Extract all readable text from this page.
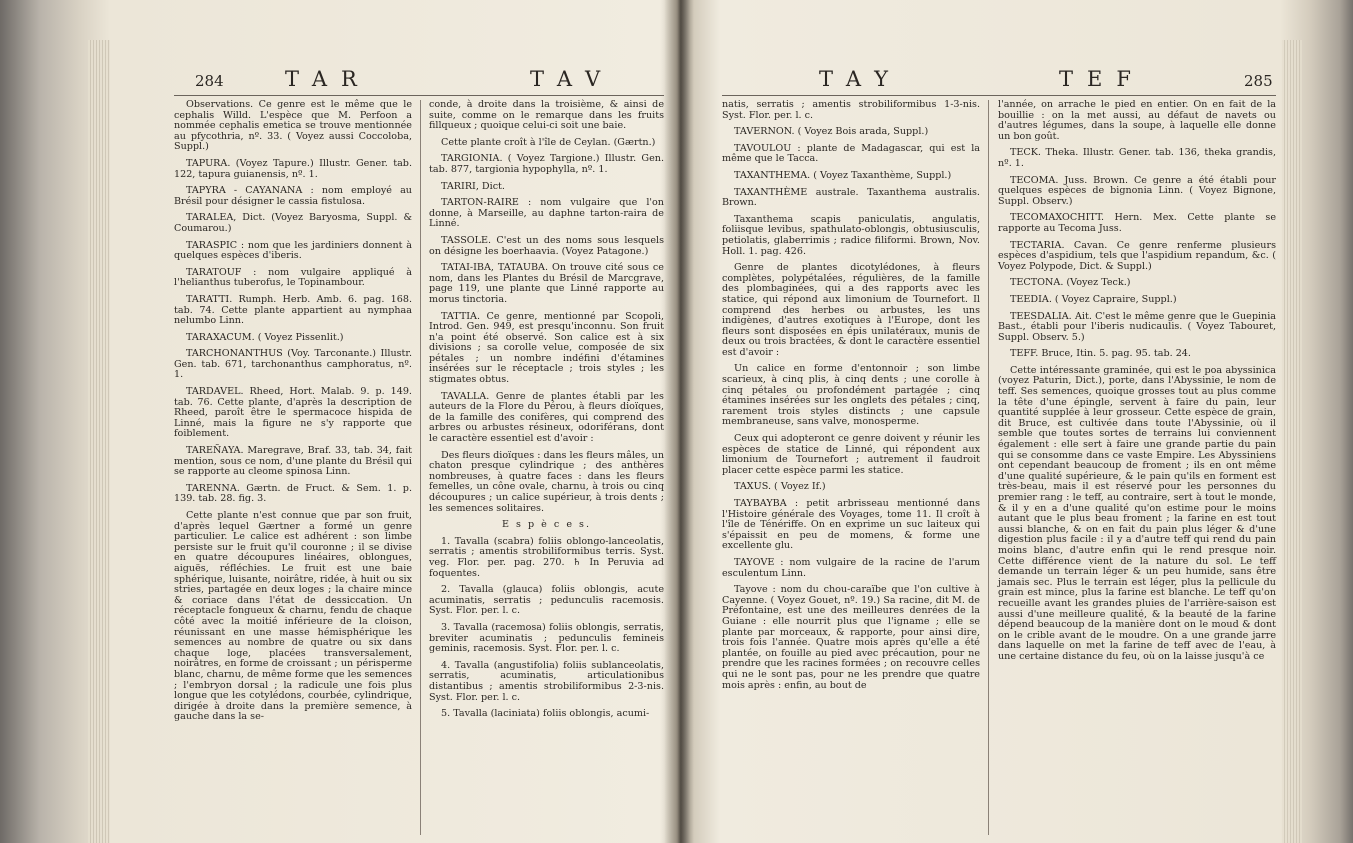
284	TAR	TAV

Observations. Ce genre est le même que le cephalis Willd. L'espèce que M. Perfoon a nommée cephalis emetica se trouve mentionnée au pfycothria, nº. 33. ( Voyez aussi Coccoloba, Suppl.)

TAPURA. (Voyez Tapure.) Illustr. Gener. tab. 122, tapura guianensis, nº. 1.

TAPYRA - CAYANANA : nom employé au Brésil pour désigner le cassia fistulosa.

TARALEA, Dict. (Voyez Baryosma, Suppl. & Coumarou.)

TARASPIC : nom que les jardiniers donnent à quelques espèces d'iberis.

TARATOUF : nom vulgaire appliqué à l'helianthus tuberofus, le Topinambour.

TARATTI. Rumph. Herb. Amb. 6. pag. 168. tab. 74. Cette plante appartient au nymphaa nelumbo Linn.

TARAXACUM. ( Voyez Pissenlit.)

TARCHONANTHUS (Voy. Tarconante.) Illustr. Gen. tab. 671, tarchonanthus camphoratus, nº. 1.

TARDAVEL. Rheed, Hort. Malab. 9. p. 149. tab. 76. Cette plante, d'après la description de Rheed, paroît être le spermacoce hispida de Linné, mais la figure ne s'y rapporte que foiblement.

TAREÑAYA. Maregrave, Braf. 33, tab. 34, fait mention, sous ce nom, d'une plante du Brésil qui se rapporte au cleome spinosa Linn.

TARENNA. Gærtn. de Fruct. & Sem. 1. p. 139. tab. 28. fig. 3.

Cette plante n'est connue que par son fruit, d'après lequel Gærtner a formé un genre particulier. Le calice est adhérent : son limbe persiste sur le fruit qu'il couronne ; il se divise en quatre découpures linéaires, oblongues, aiguës, réfléchies. Le fruit est une baie sphérique, luisante, noirâtre, ridée, à huit ou six stries, partagée en deux loges ; la chaire mince & coriace dans l'état de dessiccation. Un réceptacle fongueux & charnu, fendu de chaque côté avec la moitié inférieure de la cloison, réunissant en une masse hémisphérique les semences au nombre de quatre ou six dans chaque loge, placées transversalement, noirâtres, en forme de croissant ; un périsperme blanc, charnu, de même forme que les semences ; l'embryon dorsal ; la radicule une fois plus longue que les cotylédons, courbée, cylindrique, dirigée à droite dans la première semence, à gauche dans la se-

conde, à droite dans la troisième, & ainsi de suite, comme on le remarque dans les fruits fillqueux ; quoique celui-ci soit une baie.

Cette plante croît à l'île de Ceylan. (Gærtn.)

TARGIONIA. ( Voyez Targione.) Illustr. Gen. tab. 877, targionia hypophylla, nº. 1.

TARIRI, Dict.

TARTON-RAIRE : nom vulgaire que l'on donne, à Marseille, au daphne tarton-raira de Linné.

TASSOLE. C'est un des noms sous lesquels on désigne les boerhaavia. (Voyez Patagone.)

TATAI-IBA, TATAUBA. On trouve cité sous ce nom, dans les Plantes du Brésil de Marcgrave, page 119, une plante que Linné rapporte au morus tinctoria.

TATTIA. Ce genre, mentionné par Scopoli, Introd. Gen. 949, est presqu'inconnu. Son fruit n'a point été observé. Son calice est à six divisions ; sa corolle velue, composée de six pétales ; un nombre indéfini d'étamines insérées sur le réceptacle ; trois styles ; les stigmates obtus.

TAVALLA. Genre de plantes établi par les auteurs de la Flore du Pérou, à fleurs dioïques, de la famille des conifères, qui comprend des arbres ou arbustes résineux, odoriférans, dont le caractère essentiel est d'avoir :

Des fleurs dioïques : dans les fleurs mâles, un chaton presque cylindrique ; des anthères nombreuses, à quatre faces : dans les fleurs femelles, un cône ovale, charnu, à trois ou cinq découpures ; un calice supérieur, à trois dents ; les semences solitaires.

E s p è c e s.

1. Tavalla (scabra) foliis oblongo-lanceolatis, serratis ; amentis strobiliformibus terris. Syst. veg. Flor. per. pag. 270. ♄ In Peruvia ad foquentes.

2. Tavalla (glauca) foliis oblongis, acute acuminatis, serratis ; pedunculis racemosis. Syst. Flor. per. l. c.

3. Tavalla (racemosa) foliis oblongis, serratis, breviter acuminatis ; pedunculis femineis geminis, racemosis. Syst. Flor. per. l. c.

4. Tavalla (angustifolia) foliis sublanceolatis, serratis, acuminatis, articulationibus distantibus ; amentis strobiliformibus 2-3-nis. Syst. Flor. per. l. c.

5. Tavalla (laciniata) foliis oblongis, acumi-

TAY	TEF	285

natis, serratis ; amentis strobiliformibus 1-3-nis. Syst. Flor. per. l. c.

TAVERNON. ( Voyez Bois arada, Suppl.)

TAVOULOU : plante de Madagascar, qui est la même que le Tacca.

TAXANTHEMA. ( Voyez Taxanthème, Suppl.)

TAXANTHÈME australe. Taxanthema australis. Brown.

Taxanthema scapis paniculatis, angulatis, foliisque levibus, spathulato-oblongis, obtusiusculis, petiolatis, glaberrimis ; radice filiformi. Brown, Nov. Holl. 1. pag. 426.

Genre de plantes dicotylédones, à fleurs complètes, polypétalées, régulières, de la famille des plombaginées, qui a des rapports avec les statice, qui répond aux limonium de Tournefort. Il comprend des herbes ou arbustes, les uns indigènes, d'autres exotiques à l'Europe, dont les fleurs sont disposées en épis unilatéraux, munis de deux ou trois bractées, & dont le caractère essentiel est d'avoir :

Un calice en forme d'entonnoir ; son limbe scarieux, à cinq plis, à cinq dents ; une corolle à cinq pétales ou profondément partagée ; cinq étamines insérées sur les onglets des pétales ; cinq, rarement trois styles distincts ; une capsule membraneuse, sans valve, monosperme.

Ceux qui adopteront ce genre doivent y réunir les espèces de statice de Linné, qui répondent aux limonium de Tournefort ; autrement il faudroit placer cette espèce parmi les statice.

TAXUS. ( Voyez If.)

TAYBAYBA : petit arbrisseau mentionné dans l'Histoire générale des Voyages, tome 11. Il croît à l'île de Ténériffe. On en exprime un suc laiteux qui s'épaissit en peu de momens, & forme une excellente glu.

TAYOVE : nom vulgaire de la racine de l'arum esculentum Linn.

Tayove : nom du chou-caraïbe que l'on cultive à Cayenne. ( Voyez Gouet, nº. 19.) Sa racine, dit M. de Préfontaine, est une des meilleures denrées de la Guiane : elle nourrit plus que l'igname ; elle se plante par morceaux, & rapporte, pour ainsi dire, trois fois l'année. Quatre mois après qu'elle a été plantée, on fouille au pied avec précaution, pour ne prendre que les racines formées ; on recouvre celles qui ne le sont pas, pour ne les prendre que quatre mois après : enfin, au bout de

l'année, on arrache le pied en entier. On en fait de la bouillie : on la met aussi, au défaut de navets ou d'autres légumes, dans la soupe, à laquelle elle donne un bon goût.

TECK. Theka. Illustr. Gener. tab. 136, theka grandis, nº. 1.

TECOMA. Juss. Brown. Ce genre a été établi pour quelques espèces de bignonia Linn. ( Voyez Bignone, Suppl. Observ.)

TECOMAXOCHITT. Hern. Mex. Cette plante se rapporte au Tecoma Juss.

TECTARIA. Cavan. Ce genre renferme plusieurs espèces d'aspidium, tels que l'aspidium repandum, &c. ( Voyez Polypode, Dict. & Suppl.)

TECTONA. (Voyez Teck.)

TEEDIA. ( Voyez Capraire, Suppl.)

TEESDALIA. Ait. C'est le même genre que le Guepinia Bast., établi pour l'iberis nudicaulis. ( Voyez Tabouret, Suppl. Observ. 5.)

TEFF. Bruce, Itin. 5. pag. 95. tab. 24.

Cette intéressante graminée, qui est le poa abyssinica (voyez Paturin, Dict.), porte, dans l'Abyssinie, le nom de teff. Ses semences, quoique grosses tout au plus comme la tête d'une épingle, servent à faire du pain, leur quantité supplée à leur grosseur. Cette espèce de grain, dit Bruce, est cultivée dans toute l'Abyssinie, où il semble que toutes sortes de terrains lui conviennent également : elle sert à faire une grande partie du pain qui se consomme dans ce vaste Empire. Les Abyssiniens ont cependant beaucoup de froment ; ils en ont même d'une qualité supérieure, & le pain qu'ils en forment est très-beau, mais il est réservé pour les personnes du premier rang : le teff, au contraire, sert à tout le monde, & il y en a d'une qualité qu'on estime pour le moins autant que le plus beau froment ; la farine en est tout aussi blanche, & on en fait du pain plus léger & d'une digestion plus facile : il y a d'autre teff qui rend du pain moins blanc, d'autre enfin qui le rend presque noir. Cette différence vient de la nature du sol. Le teff demande un terrain léger & un peu humide, sans être jamais sec. Plus le terrain est léger, plus la pellicule du grain est mince, plus la farine est blanche. Le teff qu'on recueille avant les grandes pluies de l'arrière-saison est aussi d'une meilleure qualité, & la beauté de la farine dépend beaucoup de la manière dont on le moud & dont on le crible avant de le moudre. On a une grande jarre dans laquelle on met la farine de teff avec de l'eau, à une certaine distance du feu, où on la laisse jusqu'à ce
